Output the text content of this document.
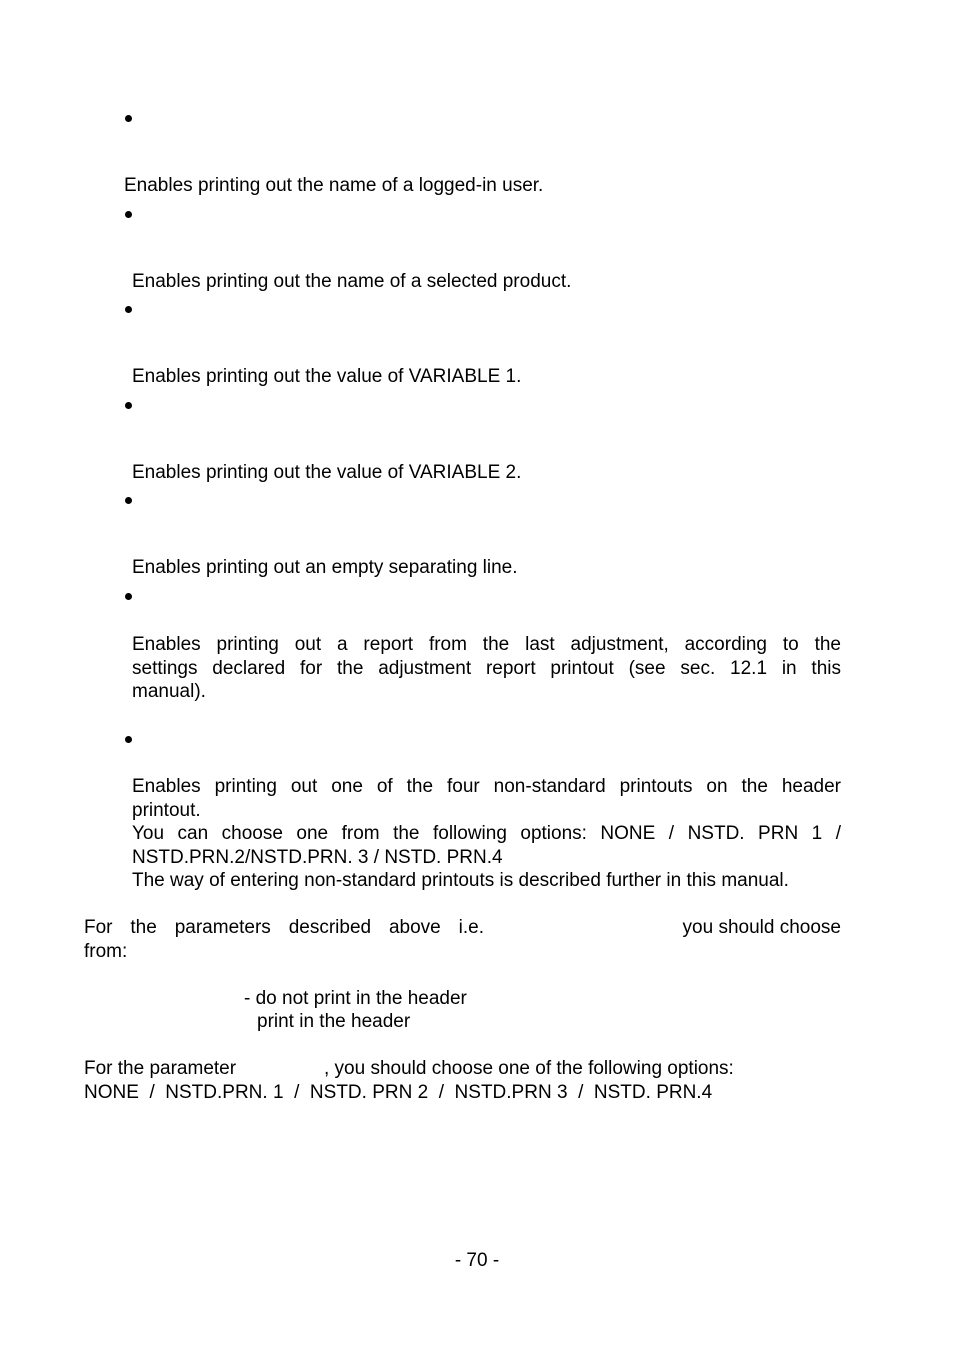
Enables printing out the name of a logged-in user.

Enables printing out the name of a selected product.

Enables printing out the value of VARIABLE 1.

Enables printing out the value of VARIABLE 2.

Enables printing out an empty separating line.

Enables printing out a report from the last adjustment, according to the
settings declared for the adjustment report printout (see sec. 12.1 in this
manual).
Enables printing out one of the four non-standard printouts on the header
printout.
You can choose one from the following options: NONE / NSTD. PRN 1 /
NSTD.PRN.2/NSTD.PRN. 3 / NSTD. PRN.4
The way of entering non-standard printouts is described further in this manual.
For the parameters described above i.e.	you should choose
from:

- do not print in the header

print in the header

For the parameter	, you should choose one of the following options:

NONE  /  NSTD.PRN. 1  /  NSTD. PRN 2  /  NSTD.PRN 3  /  NSTD. PRN.4

- 70 -
